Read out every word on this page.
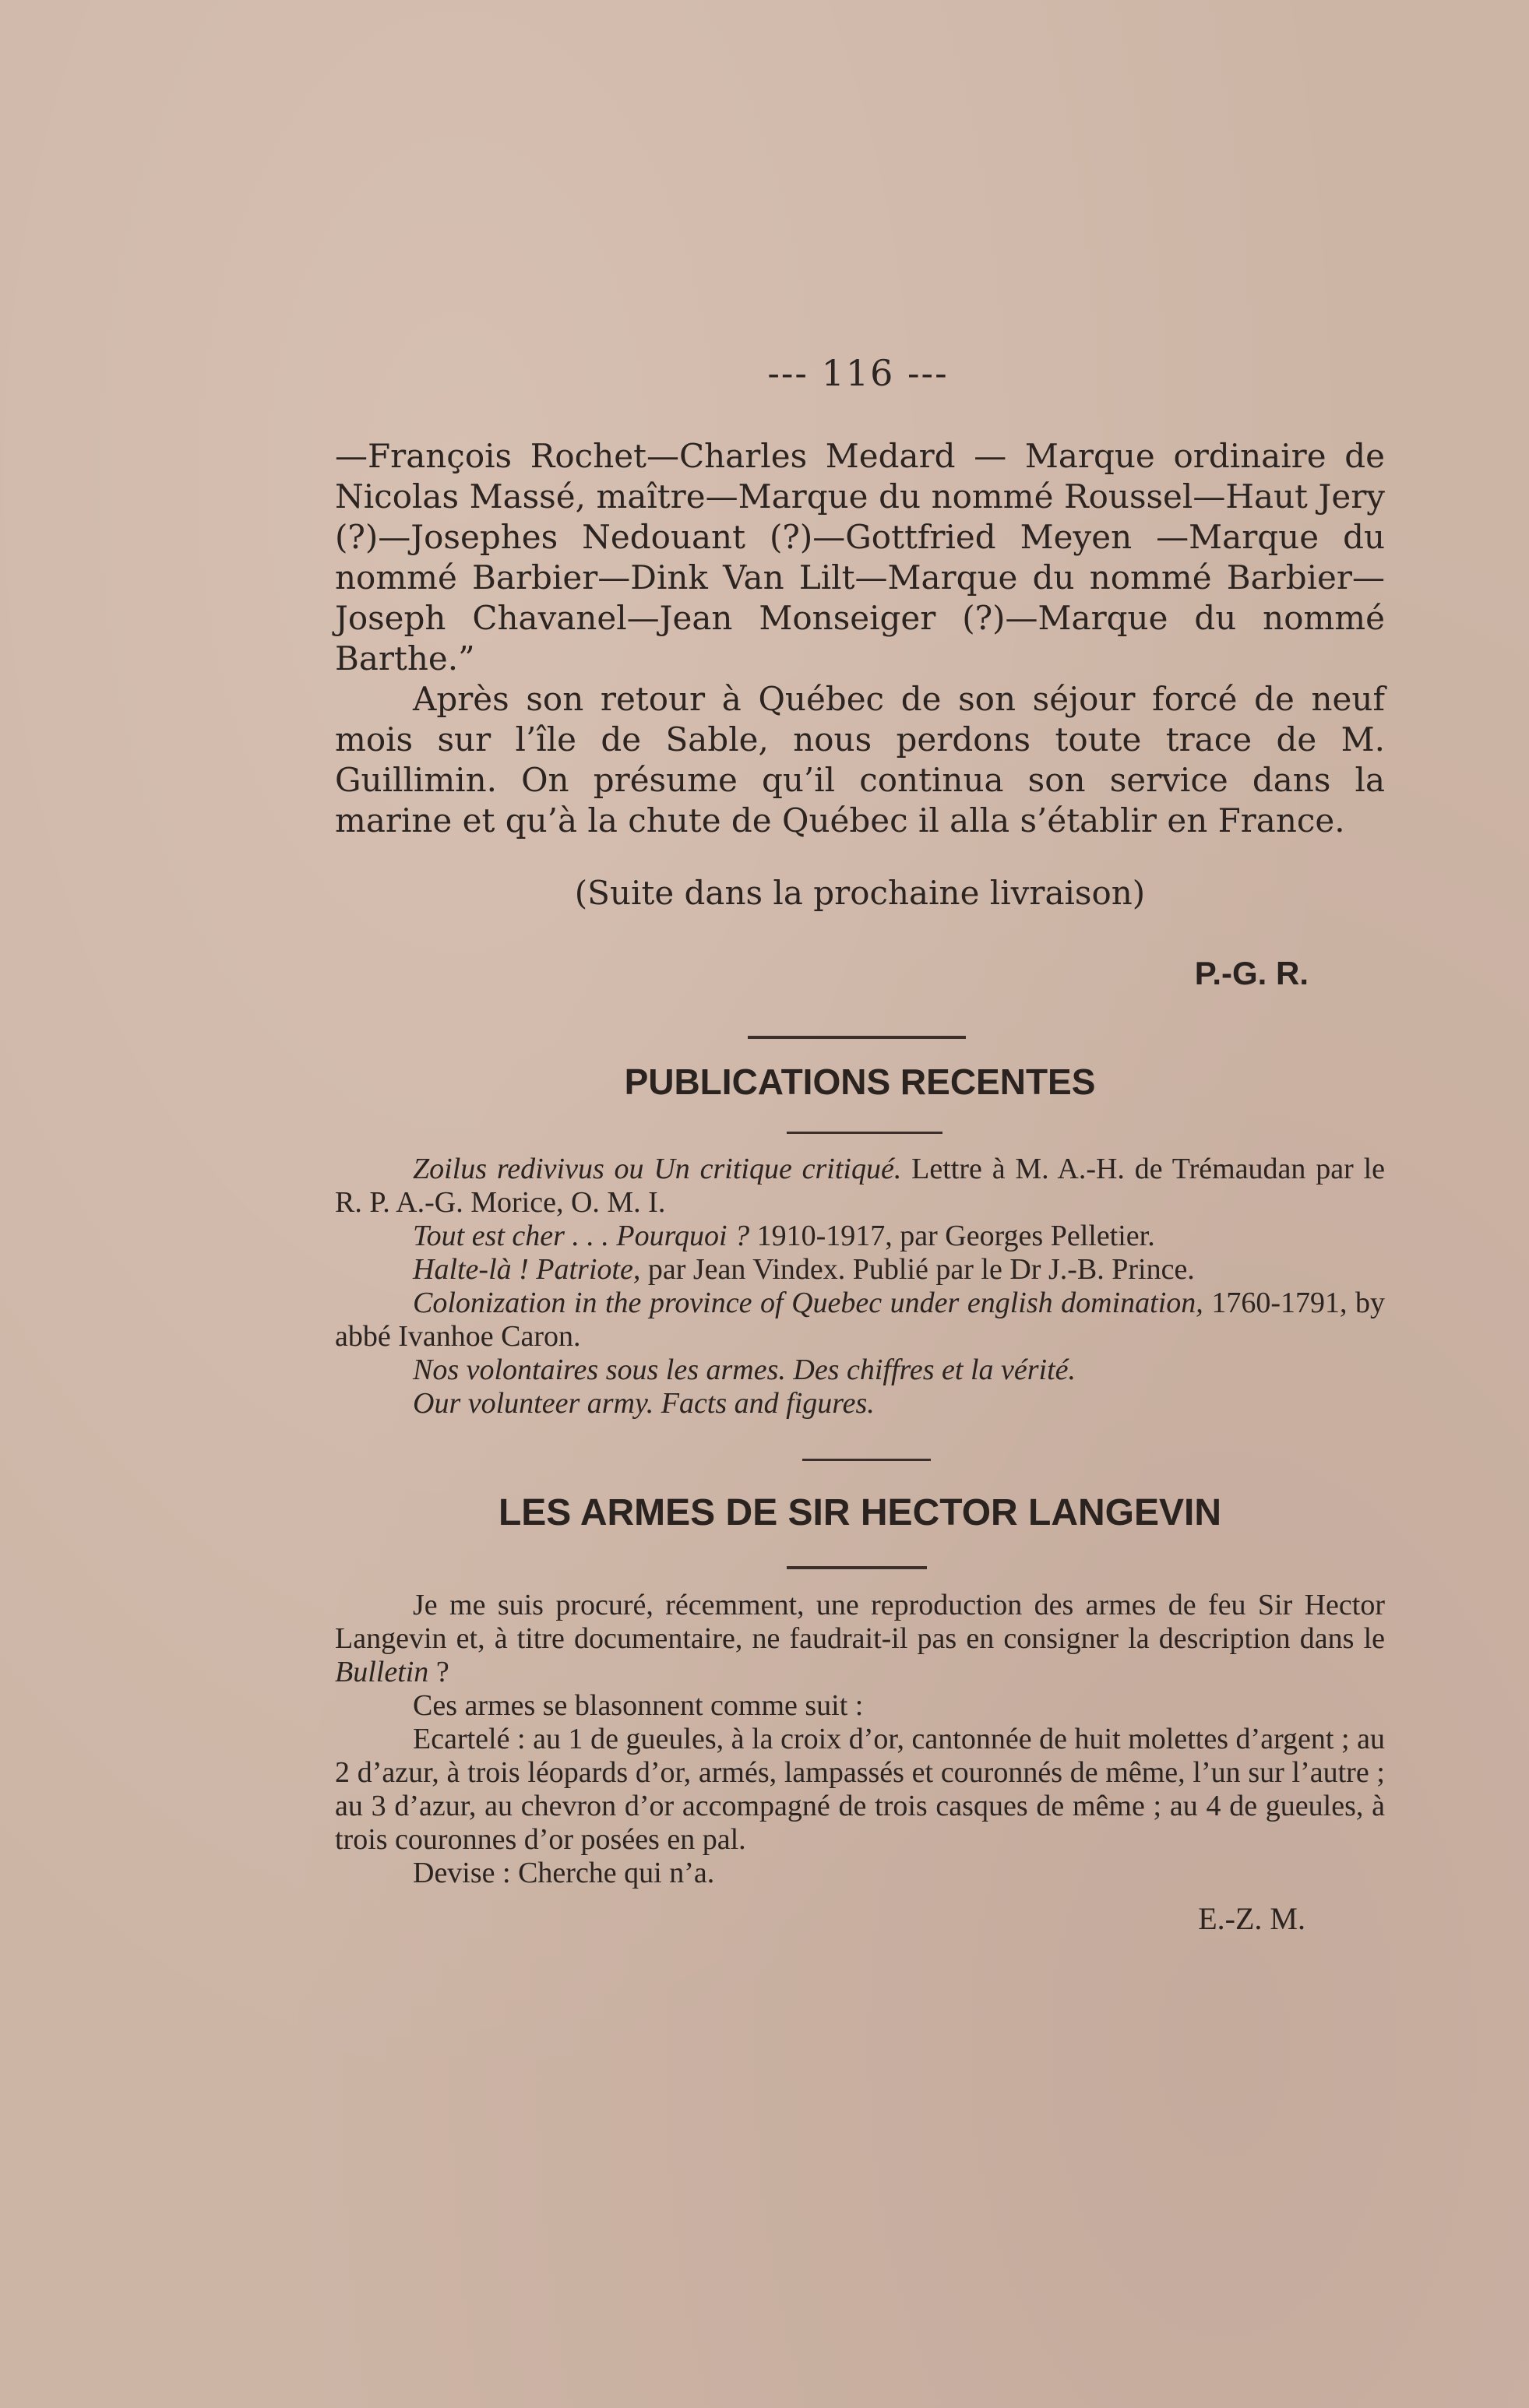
--- 116 ---

—François Rochet—Charles Medard — Marque ordinaire de Nicolas Massé, maître—Marque du nommé Roussel—Haut Jery (?)—Josephes Nedouant (?)—Gottfried Meyen —Marque du nommé Barbier—Dink Van Lilt—Marque du nommé Barbier—Joseph Chavanel—Jean Monseiger (?)—Marque du nommé Barthe.”

Après son retour à Québec de son séjour forcé de neuf mois sur l’île de Sable, nous perdons toute trace de M. Guillimin. On présume qu’il continua son service dans la marine et qu’à la chute de Québec il alla s’établir en France.

(Suite dans la prochaine livraison)
P.-G. R.
PUBLICATIONS RECENTES

Zoilus redivivus ou Un critique critiqué. Lettre à M. A.-H. de Trémaudan par le R. P. A.-G. Morice, O. M. I.

Tout est cher . . . Pourquoi ? 1910-1917, par Georges Pelletier.

Halte-là ! Patriote, par Jean Vindex. Publié par le Dr J.-B. Prince.

Colonization in the province of Quebec under english domination, 1760-1791, by abbé Ivanhoe Caron.

Nos volontaires sous les armes. Des chiffres et la vérité.

Our volunteer army. Facts and figures.

LES ARMES DE SIR HECTOR LANGEVIN

Je me suis procuré, récemment, une reproduction des armes de feu Sir Hector Langevin et, à titre documentaire, ne faudrait-il pas en consigner la description dans le Bulletin ?

Ces armes se blasonnent comme suit :

Ecartelé : au 1 de gueules, à la croix d’or, cantonnée de huit molettes d’argent ; au 2 d’azur, à trois léopards d’or, armés, lampassés et couronnés de même, l’un sur l’autre ; au 3 d’azur, au chevron d’or accompagné de trois casques de même ; au 4 de gueules, à trois couronnes d’or posées en pal.

Devise : Cherche qui n’a.

E.-Z. M.
